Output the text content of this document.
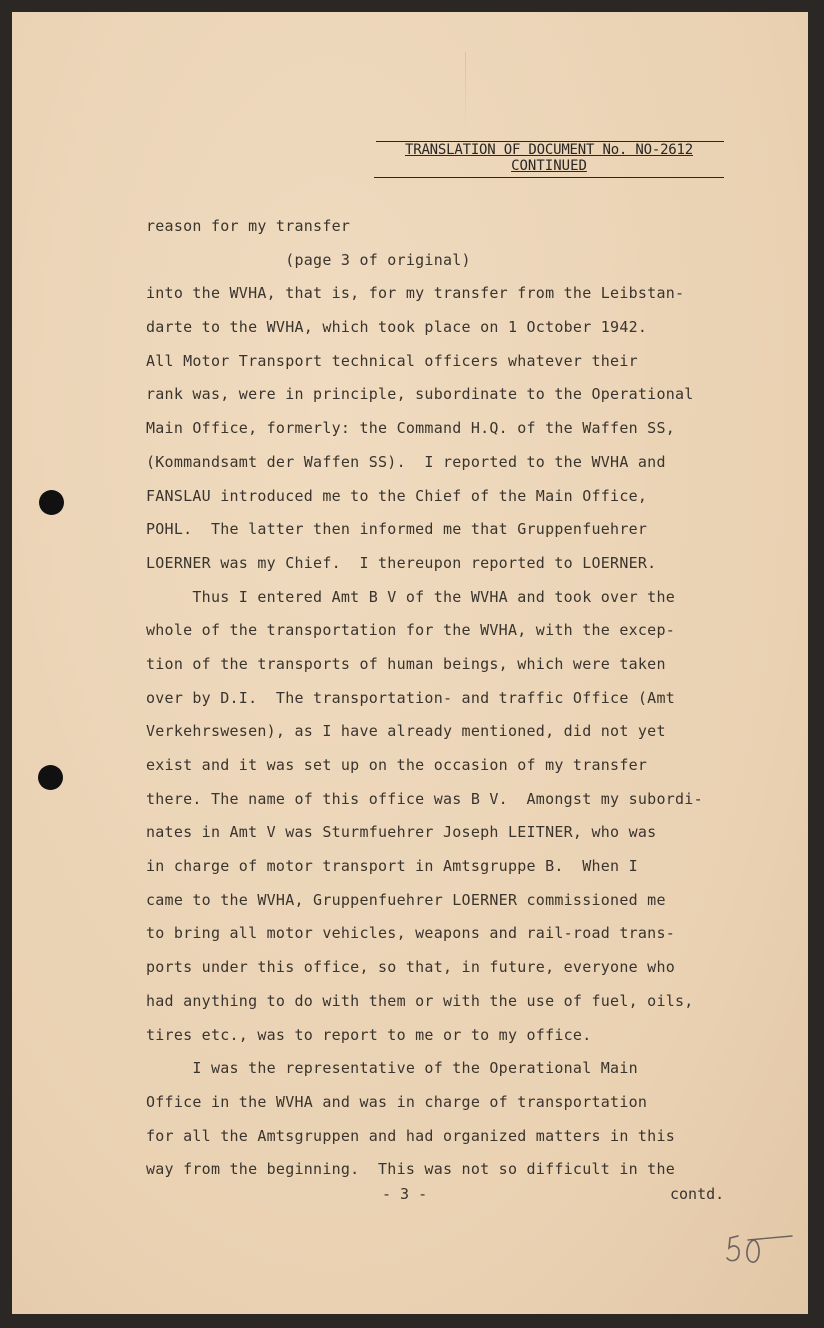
TRANSLATION OF DOCUMENT No. NO-2612
CONTINUED
reason for my transfer
(page 3 of original)
into the WVHA, that is, for my transfer from the Leibstan-
darte to the WVHA, which took place on 1 October 1942.
All Motor Transport technical officers whatever their
rank was, were in principle, subordinate to the Operational
Main Office, formerly: the Command H.Q. of the Waffen SS,
(Kommandsamt der Waffen SS).  I reported to the WVHA and
FANSLAU introduced me to the Chief of the Main Office,
POHL.  The latter then informed me that Gruppenfuehrer
LOERNER was my Chief.  I thereupon reported to LOERNER.
Thus I entered Amt B V of the WVHA and took over the
whole of the transportation for the WVHA, with the excep-
tion of the transports of human beings, which were taken
over by D.I.  The transportation- and traffic Office (Amt
Verkehrswesen), as I have already mentioned, did not yet
exist and it was set up on the occasion of my transfer
there. The name of this office was B V.  Amongst my subordi-
nates in Amt V was Sturmfuehrer Joseph LEITNER, who was
in charge of motor transport in Amtsgruppe B.  When I
came to the WVHA, Gruppenfuehrer LOERNER commissioned me
to bring all motor vehicles, weapons and rail-road trans-
ports under this office, so that, in future, everyone who
had anything to do with them or with the use of fuel, oils,
tires etc., was to report to me or to my office.
I was the representative of the Operational Main
Office in the WVHA and was in charge of transportation
for all the Amtsgruppen and had organized matters in this
way from the beginning.  This was not so difficult in the
- 3 -	contd.
